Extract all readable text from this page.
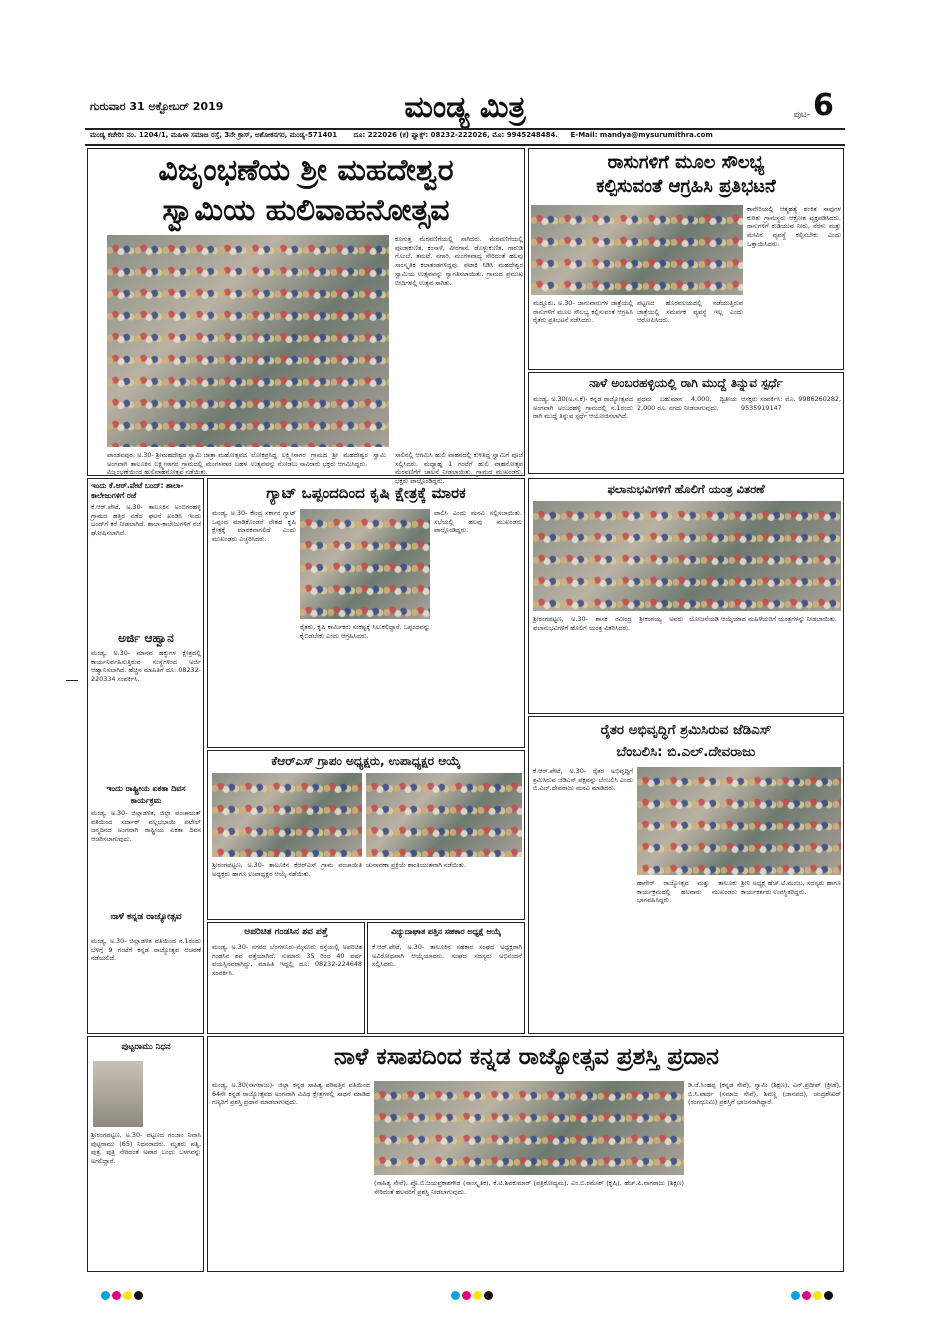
ಗುರುವಾರ 31 ಅಕ್ಟೋಬರ್ 2019	ಮಂಡ್ಯ ಮಿತ್ರ	ಪುಟ- 6
ಮಂಡ್ಯ ಕಚೇರಿ: ನಂ. 1204/1, ಮಹಿಳಾ ಸಮಾಜ ರಸ್ತೆ, 3ನೇ ಕ್ರಾಸ್, ಅಶೋಕನಗರ, ಮಂಡ್ಯ-571401 ದೂ: 222026 (ಕ) ಫ್ಯಾಕ್ಸ್: 08232-222026, ಮೊ: 9945248484. E-Mail: mandya@mysurumithra.com
ವಿಜೃಂಭಣೆಯ ಶ್ರೀ ಮಹದೇಶ್ವರ
ಸ್ವಾಮಿಯ ಹುಲಿವಾಹನೋತ್ಸವ
ಕೂಗುತ್ತ ಮೆರವಣಿಗೆಯಲ್ಲಿ ಸಾಗಿದರು. ಮೆರವಣಿಗೆಯಲ್ಲಿ ಪೂಜಾಕುಣಿತ, ಕಂಸಾಳೆ, ವೀರಗಾಸೆ, ಡೊಳ್ಳುಕುಣಿತ, ಗಾರುಡಿ ಗೊಂಬೆ, ತಮಟೆ, ನಗಾರಿ, ಮಂಗಳವಾದ್ಯ ಸೇರಿದಂತೆ ಹಲವು ಸಾಂಸ್ಕೃತಿಕ ಕಲಾತಂಡಗಳಿದ್ದವು. ಪಟಾಕಿ ಸಿಡಿಸಿ ಮಹದೇಶ್ವರ ಸ್ವಾಮಿಯ ಉತ್ಸವವನ್ನು ಸ್ವಾಗತಿಸಲಾಯಿತು. ಗ್ರಾಮದ ಪ್ರಮುಖ ಬೀದಿಗಳಲ್ಲಿ ಉತ್ಸವ ಸಾಗಿತು.
ಪಾಂಡವಪುರ, ಅ.30- ಶ್ರೀಮಹದೇಶ್ವರ ಸ್ವಾಮಿ ಜಾತ್ರಾ ಮಹೋತ್ಸವದ ಅಂಗವಾಗಿ ತಾಲೂಕಿನ ಲಕ್ಷ್ಮೀಸಾಗರ ಗ್ರಾಮದಲ್ಲಿ ಮಂಗಳವಾರ ಬಹಳ ವಿಜೃಂಭಣೆಯಿಂದ ಹುಲಿವಾಹನೋತ್ಸವ ನಡೆಯಿತು.
ಲೋಕಪ್ರಸಿದ್ಧ ಲಕ್ಷ್ಮೀಸಾಗರ ಗ್ರಾಮದ ಶ್ರೀ ಮಹದೇಶ್ವರ ಸ್ವಾಮಿ ಉತ್ಸವವನ್ನು ನೋಡಲು ಸಾವಿರಾರು ಭಕ್ತರು ಆಗಮಿಸಿದ್ದರು.
ಸಾಲಿನಲ್ಲಿ ಆಗಮಿಸಿ ಹುಲಿ ವಾಹನದಲ್ಲಿ ಕುಳಿತಿದ್ದ ಸ್ವಾಮಿಗೆ ಪೂಜೆ ಸಲ್ಲಿಸಿದರು. ಮಧ್ಯಾಹ್ನ 1 ಗಂಟೆಗೆ ಹುಲಿ ವಾಹನೋತ್ಸವ ಮೆರವಣಿಗೆಗೆ ಚಾಲನೆ ನೀಡಲಾಯಿತು. ಗ್ರಾಮದ ಮುಖಂಡರು, ಭಕ್ತರು ಪಾಲ್ಗೊಂಡಿದ್ದರು.
ರಾಸುಗಳಿಗೆ ಮೂಲ ಸೌಲಭ್ಯ
ಕಲ್ಪಿಸುವಂತೆ ಆಗ್ರಹಿಸಿ ಪ್ರತಿಭಟನೆ
ಕಾವೇರಿಯಲ್ಲಿ ಆತ್ಮಹತ್ಯೆ ಶಂಕಿತ ಸಾವುಗಳ ಕುರಿತು ಗ್ರಾಮಸ್ಥರು ಆಕ್ರೋಶ ವ್ಯಕ್ತಪಡಿಸಿದರು. ರಾಸುಗಳಿಗೆ ಕುಡಿಯುವ ನೀರು, ನೆರಳು ಮತ್ತು ಮೇವಿನ ವ್ಯವಸ್ಥೆ ಕಲ್ಪಿಸಬೇಕು ಎಂದು ಒತ್ತಾಯಿಸಿದರು.
ಮದ್ದೂರು, ಅ.30- ಜಾನುವಾರುಗಳ ಜಾತ್ರೆಯಲ್ಲಿ ರಾಸುಗಳಿಗೆ ಮೂಲ ಸೌಲಭ್ಯ ಕಲ್ಪಿಸುವಂತೆ ಆಗ್ರಹಿಸಿ ರೈತರು ಪ್ರತಿಭಟನೆ ನಡೆಸಿದರು.
ಪಟ್ಟಣದ ಹೊರವಲಯದಲ್ಲಿ ನಡೆಯುತ್ತಿರುವ ಜಾತ್ರೆಯಲ್ಲಿ ಸಮರ್ಪಕ ವ್ಯವಸ್ಥೆ ಇಲ್ಲ ಎಂದು ಆರೋಪಿಸಿದರು.
ನಾಳೆ ಅಂಬರಹಳ್ಳಿಯಲ್ಲಿ ರಾಗಿ ಮುದ್ದೆ ತಿನ್ನುವ ಸ್ಪರ್ಧೆ
ಮಂಡ್ಯ, ಅ.30(ಅ.ಸ.ಕೆ)- ಕನ್ನಡ ರಾಜ್ಯೋತ್ಸವದ ಅಂಗವಾಗಿ ಅಂಬರಹಳ್ಳಿ ಗ್ರಾಮದಲ್ಲಿ ನ.1ರಂದು ರಾಗಿ ಮುದ್ದೆ ತಿನ್ನುವ ಸ್ಪರ್ಧೆ ಆಯೋಜಿಸಲಾಗಿದೆ.
ಪ್ರಥಮ ಬಹುಮಾನ 4,000, ದ್ವಿತೀಯ 2,000 ರೂ. ನಗದು ನೀಡಲಾಗುವುದು.
ಆಸಕ್ತರು ಸಂಪರ್ಕಿಸಿ: ಮೊ. 9986260282, 9535919147
ಇಂದು ಕೆ.ಆರ್.ಪೇಟೆ ಬಂದ್: ಶಾಲಾ-ಕಾಲೇಜುಗಳಿಗೆ ರಜೆ
ಕೆ.ಆರ್.ಪೇಟೆ, ಅ.30- ತಾಲೂಕಿನ ಅಂಬಿಗರಹಳ್ಳಿ ಗ್ರಾಮದ ಹತ್ತಿರ ನಡೆದ ಘಟನೆ ಖಂಡಿಸಿ ಇಂದು ಬಂದ್‌ಗೆ ಕರೆ ನೀಡಲಾಗಿದೆ. ಶಾಲಾ-ಕಾಲೇಜುಗಳಿಗೆ ರಜೆ ಘೋಷಿಸಲಾಗಿದೆ.
ಅರ್ಜಿ ಆಹ್ವಾನ
ಮಂಡ್ಯ, ಅ.30- ಮಾನವ ಹಕ್ಕುಗಳ ಕ್ಷೇತ್ರದಲ್ಲಿ ಕಾರ್ಯನಿರ್ವಹಿಸುತ್ತಿರುವ ಸಂಸ್ಥೆಗಳಿಂದ ಅರ್ಜಿ ಆಹ್ವಾನಿಸಲಾಗಿದೆ. ಹೆಚ್ಚಿನ ಮಾಹಿತಿಗೆ ದೂ: 08232-220334 ಸಂಪರ್ಕಿಸಿ.
ಇಂದು ರಾಷ್ಟ್ರೀಯ ಏಕತಾ ದಿವಸ ಕಾರ್ಯಕ್ರಮ
ಮಂಡ್ಯ, ಅ.30- ಜಿಲ್ಲಾಡಳಿತ, ಜಿಲ್ಲಾ ಪಂಚಾಯತ್ ವತಿಯಿಂದ ಸರ್ದಾರ್ ವಲ್ಲಭಭಾಯಿ ಪಟೇಲ್ ಜನ್ಮದಿನದ ಅಂಗವಾಗಿ ರಾಷ್ಟ್ರೀಯ ಏಕತಾ ದಿವಸ ಆಚರಿಸಲಾಗುವುದು.
ನಾಳೆ ಕನ್ನಡ ರಾಜ್ಯೋತ್ಸವ
ಮಂಡ್ಯ, ಅ.30- ಜಿಲ್ಲಾಡಳಿತ ವತಿಯಿಂದ ನ.1ರಂದು ಬೆಳಿಗ್ಗೆ 9 ಗಂಟೆಗೆ ಕನ್ನಡ ರಾಜ್ಯೋತ್ಸವ ಆಚರಣೆ ನಡೆಯಲಿದೆ.
ಗ್ಯಾಟ್ ಒಪ್ಪಂದದಿಂದ ಕೃಷಿ ಕ್ಷೇತ್ರಕ್ಕೆ ಮಾರಕ
ಮಂಡ್ಯ, ಅ.30- ಕೇಂದ್ರ ಸರ್ಕಾರ ಗ್ಯಾಟ್ ಒಪ್ಪಂದ ಮಾಡಿಕೊಂಡರೆ ದೇಶದ ಕೃಷಿ ಕ್ಷೇತ್ರಕ್ಕೆ ಮಾರಕವಾಗಲಿದೆ ಎಂದು ಮುಖಂಡರು ಎಚ್ಚರಿಸಿದರು.
ರೈತರು, ಕೃಷಿ ಕಾರ್ಮಿಕರು ಸಂಕಷ್ಟಕ್ಕೆ ಸಿಲುಕಲಿದ್ದಾರೆ. ಒಪ್ಪಂದವನ್ನು ಕೈಬಿಡಬೇಕು ಎಂದು ಆಗ್ರಹಿಸಿದರು.
ಪಾಲಿಸಿ ಎಂದು ಮನವಿ ಸಲ್ಲಿಸಲಾಯಿತು. ಸಭೆಯಲ್ಲಿ ಹಲವು ಮುಖಂಡರು ಪಾಲ್ಗೊಂಡಿದ್ದರು.
ಫಲಾನುಭವಿಗಳಿಗೆ ಹೊಲಿಗೆ ಯಂತ್ರ ವಿತರಣೆ
ಶ್ರೀರಂಗಪಟ್ಟಣ, ಅ.30- ಶಾಸಕ ರವೀಂದ್ರ ಶ್ರೀಕಂಠಯ್ಯ ಅವರು ಫಲಾನುಭವಿಗಳಿಗೆ ಹೊಲಿಗೆ ಯಂತ್ರ ವಿತರಿಸಿದರು.
ಯೋಜನೆಯಡಿ ಆಯ್ಕೆಯಾದ ಮಹಿಳೆಯರಿಗೆ ಯಂತ್ರಗಳನ್ನು ನೀಡಲಾಯಿತು.
ಕೆಆರ್‌ಎಸ್ ಗ್ರಾಪಂ ಅಧ್ಯಕ್ಷರು, ಉಪಾಧ್ಯಕ್ಷರ ಆಯ್ಕೆ
ಶ್ರೀರಂಗಪಟ್ಟಣ, ಅ.30- ತಾಲೂಕಿನ ಕೆಆರ್‌ಎಸ್ ಗ್ರಾಮ ಪಂಚಾಯಿತಿ ಅಧ್ಯಕ್ಷರು ಹಾಗೂ ಉಪಾಧ್ಯಕ್ಷರ ಆಯ್ಕೆ ನಡೆಯಿತು.
ಚುನಾವಣಾ ಪ್ರಕ್ರಿಯೆ ಶಾಂತಿಯುತವಾಗಿ ನಡೆಯಿತು.
ರೈತರ ಅಭಿವೃದ್ಧಿಗೆ ಶ್ರಮಿಸಿರುವ ಜೆಡಿಎಸ್
ಬೆಂಬಲಿಸಿ: ಬಿ.ಎಲ್.ದೇವರಾಜು
ಕೆ.ಆರ್.ಪೇಟೆ, ಅ.30- ರೈತರ ಅಭಿವೃದ್ಧಿಗೆ ಶ್ರಮಿಸಿರುವ ಜೆಡಿಎಸ್ ಪಕ್ಷವನ್ನು ಬೆಂಬಲಿಸಿ ಎಂದು ಬಿ.ಎಲ್.ದೇವರಾಜು ಮನವಿ ಮಾಡಿದರು.
ಹಾಗೇರ್ ರಾಜ್ಯೋತ್ಸವ ಮತ್ತು ತಾಲೂಕು ಕಾರ್ಯಕ್ರಮದಲ್ಲಿ ಹಲವಾರು ಮುಖಂಡರು ಭಾಗವಹಿಸಿದ್ದರು.
ಶ್ರೀನಿ ಅಧ್ಯಕ್ಷ ಹೆಚ್.ಟಿ.ಮಂಜು, ಸದಸ್ಯರು ಹಾಗೂ ಕಾರ್ಯಕರ್ತರು ಉಪಸ್ಥಿತರಿದ್ದರು.
ಅಪರಿಚಿತ ಗಂಡಸಿನ ಶವ ಪತ್ತೆ
ಮಂಡ್ಯ, ಅ.30- ನಗರದ ಬೆಂಗಳೂರು-ಮೈಸೂರು ರಸ್ತೆಯಲ್ಲಿ ಅಪರಿಚಿತ ಗಂಡಸಿನ ಶವ ಪತ್ತೆಯಾಗಿದೆ. ಸುಮಾರು 35 ರಿಂದ 40 ವರ್ಷ ವಯಸ್ಸಿನವರಾಗಿದ್ದು, ಮಾಹಿತಿ ಇದ್ದಲ್ಲಿ ದೂ: 08232-224648 ಸಂಪರ್ಕಿಸಿ.
ವಿದ್ಯುದಾಘಾತ ಪತ್ತಿನ ಸಹಕಾರ ಅಧ್ಯಕ್ಷೆ ಆಯ್ಕೆ
ಕೆ.ಆರ್.ಪೇಟೆ, ಅ.30- ತಾಲೂಕಿನ ಸಹಕಾರ ಸಂಘದ ಅಧ್ಯಕ್ಷರಾಗಿ ಅವಿರೋಧವಾಗಿ ಆಯ್ಕೆಯಾದರು. ಸಂಘದ ಸದಸ್ಯರು ಅಭಿನಂದನೆ ಸಲ್ಲಿಸಿದರು.
ನಾಳೆ ಕಸಾಪದಿಂದ ಕನ್ನಡ ರಾಜ್ಯೋತ್ಸವ ಪ್ರಶಸ್ತಿ ಪ್ರದಾನ
ಮಂಡ್ಯ, ಅ.30(ನಾಗರಾಜು)- ಜಿಲ್ಲಾ ಕನ್ನಡ ಸಾಹಿತ್ಯ ಪರಿಷತ್ತಿನ ವತಿಯಿಂದ 64ನೇ ಕನ್ನಡ ರಾಜ್ಯೋತ್ಸವದ ಅಂಗವಾಗಿ ವಿವಿಧ ಕ್ಷೇತ್ರಗಳಲ್ಲಿ ಸಾಧನೆ ಮಾಡಿದ ಗಣ್ಯರಿಗೆ ಪ್ರಶಸ್ತಿ ಪ್ರದಾನ ಮಾಡಲಾಗುವುದು.
(ಸಾಹಿತ್ಯ ಸೇವೆ), ಪ್ರೊ.ಬಿ.ಜಯಪ್ರಕಾಶಗೌಡ (ಸಾಂಸ್ಕೃತಿಕ), ಕೆ.ಟಿ.ಶಿವಕುಮಾರ್ (ಪತ್ರಿಕೋದ್ಯಮ), ಎಂ.ಬಿ.ರಮೇಶ್ (ಕೃಷಿ), ಹೆಚ್.ಪಿ.ನಾಗರಾಜು (ಶಿಕ್ಷಣ) ಸೇರಿದಂತೆ ಹಲವರಿಗೆ ಪ್ರಶಸ್ತಿ ನೀಡಲಾಗುವುದು.
ಡಿ.ಜೆ.ಸಿಂಹಪ್ಪ (ಕನ್ನಡ ಸೇವೆ), ಸ್ವಾಮಿ (ಶಿಕ್ಷಣ), ಎನ್.ಪ್ರದೀಪ್ (ಕ್ರೀಡೆ), ಬಿ.ಸಿ.ಪಾರ್ಥ (ಸಮಾಜ ಸೇವೆ), ಶಿವಣ್ಣ (ಜಾನಪದ), ಚಂದ್ರಶೇಖರ್ (ರಂಗಭೂಮಿ) ಪ್ರಶಸ್ತಿಗೆ ಭಾಜನರಾಗಿದ್ದಾರೆ.
ಪುಟ್ಟರಾಮು ನಿಧನ
ಶ್ರೀರಂಗಪಟ್ಟಣ, ಅ.30- ಪಟ್ಟಣದ ಗಂಜಾಂ ನಿವಾಸಿ ಪುಟ್ಟರಾಮು (65) ನಿಧನರಾದರು. ಮೃತರು ಪತ್ನಿ, ಪುತ್ರ, ಪುತ್ರಿ ಸೇರಿದಂತೆ ಅಪಾರ ಬಂಧು ಬಳಗವನ್ನು ಅಗಲಿದ್ದಾರೆ.
